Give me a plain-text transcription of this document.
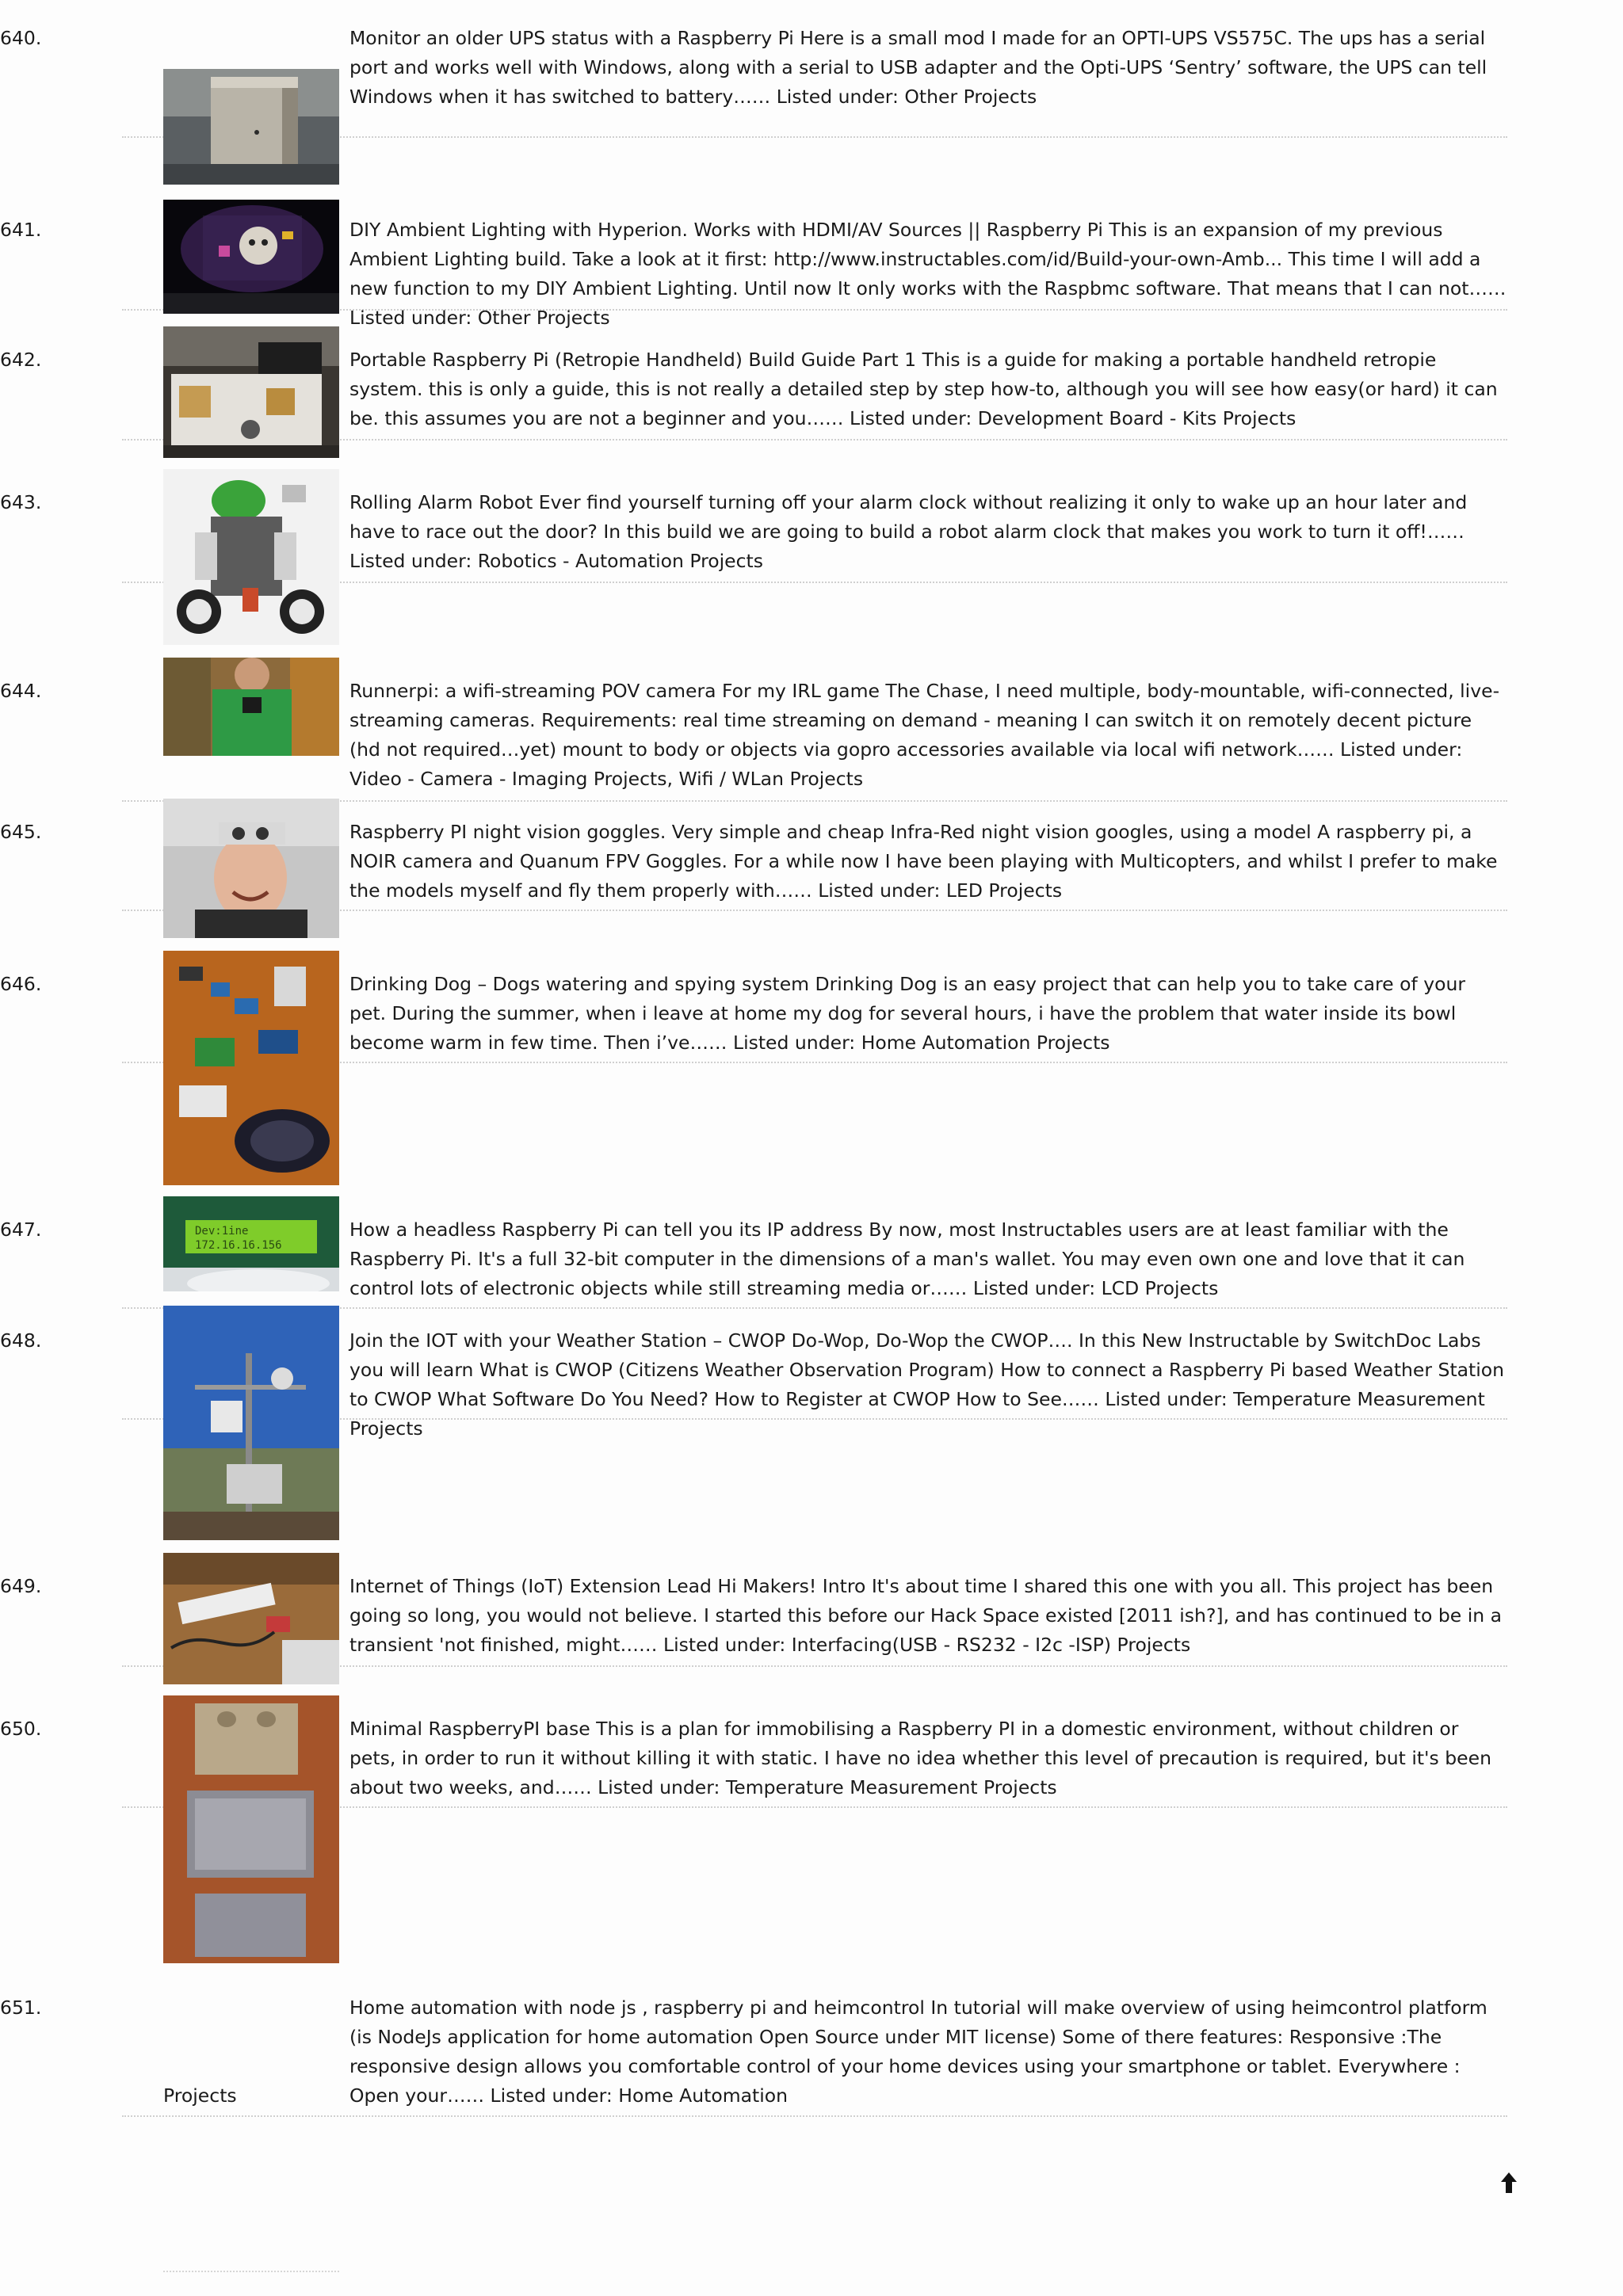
640.	Monitor an older UPS status with a Raspberry Pi Here is a small mod I made for an OPTI-UPS VS575C. The ups has a serial port and works well with Windows, along with a serial to USB adapter and the Opti-UPS ‘Sentry’ software, the UPS can tell Windows when it has switched to battery…… Listed under: Other Projects

641.	DIY Ambient Lighting with Hyperion. Works with HDMI/AV Sources || Raspberry Pi This is an expansion of my previous Ambient Lighting build. Take a look at it first: http://www.instructables.com/id/Build-your-own-Amb... This time I will add a new function to my DIY Ambient Lighting. Until now It only works with the Raspbmc software. That means that I can not…… Listed under: Other Projects

642.	Portable Raspberry Pi (Retropie Handheld) Build Guide Part 1 This is a guide for making a portable handheld retropie system. this is only a guide, this is not really a detailed step by step how-to, although you will see how easy(or hard) it can be. this assumes you are not a beginner and you…… Listed under: Development Board - Kits Projects

643.	Rolling Alarm Robot Ever find yourself turning off your alarm clock without realizing it only to wake up an hour later and have to race out the door? In this build we are going to build a robot alarm clock that makes you work to turn it off!…… Listed under: Robotics - Automation Projects

644.	Runnerpi: a wifi-streaming POV camera For my IRL game The Chase, I need multiple, body-mountable, wifi-connected, live-streaming cameras. Requirements: real time streaming on demand - meaning I can switch it on remotely decent picture (hd not required…yet) mount to body or objects via gopro accessories available via local wifi network…… Listed under: Video - Camera - Imaging Projects, Wifi / WLan Projects

645.	Raspberry PI night vision goggles. Very simple and cheap Infra-Red night vision googles, using a model A raspberry pi, a NOIR camera and Quanum FPV Goggles. For a while now I have been playing with Multicopters, and whilst I prefer to make the models myself and fly them properly with…… Listed under: LED Projects

646.	Drinking Dog – Dogs watering and spying system Drinking Dog is an easy project that can help you to take care of your pet. During the summer, when i leave at home my dog for several hours, i have the problem that water inside its bowl become warm in few time. Then i’ve…… Listed under: Home Automation Projects

647.	Dev:1ine
172.16.16.156

How a headless Raspberry Pi can tell you its IP address By now, most Instructables users are at least familiar with the Raspberry Pi. It's a full 32-bit computer in the dimensions of a man's wallet. You may even own one and love that it can control lots of electronic objects while still streaming media or…… Listed under: LCD Projects

648.	Join the IOT with your Weather Station – CWOP Do-Wop, Do-Wop the CWOP…. In this New Instructable by SwitchDoc Labs you will learn What is CWOP (Citizens Weather Observation Program) How to connect a Raspberry Pi based Weather Station to CWOP What Software Do You Need? How to Register at CWOP How to See…… Listed under: Temperature Measurement Projects

649.	Internet of Things (IoT) Extension Lead Hi Makers! Intro It's about time I shared this one with you all. This project has been going so long, you would not believe. I started this before our Hack Space existed [2011 ish?], and has continued to be in a transient 'not finished, might…… Listed under: Interfacing(USB - RS232 - I2c -ISP) Projects

650.	Minimal RaspberryPI base This is a plan for immobilising a Raspberry PI in a domestic environment, without children or pets, in order to run it without killing it with static. I have no idea whether this level of precaution is required, but it's been about two weeks, and…… Listed under: Temperature Measurement Projects

651.	Home automation with node js , raspberry pi and heimcontrol In tutorial will make overview of using heimcontrol platform (is NodeJs application for home automation Open Source under MIT license) Some of there features: Responsive :The responsive design allows you comfortable control of your home devices using your smartphone or tablet. Everywhere : Open your…… Listed under: Home Automation

Projects
